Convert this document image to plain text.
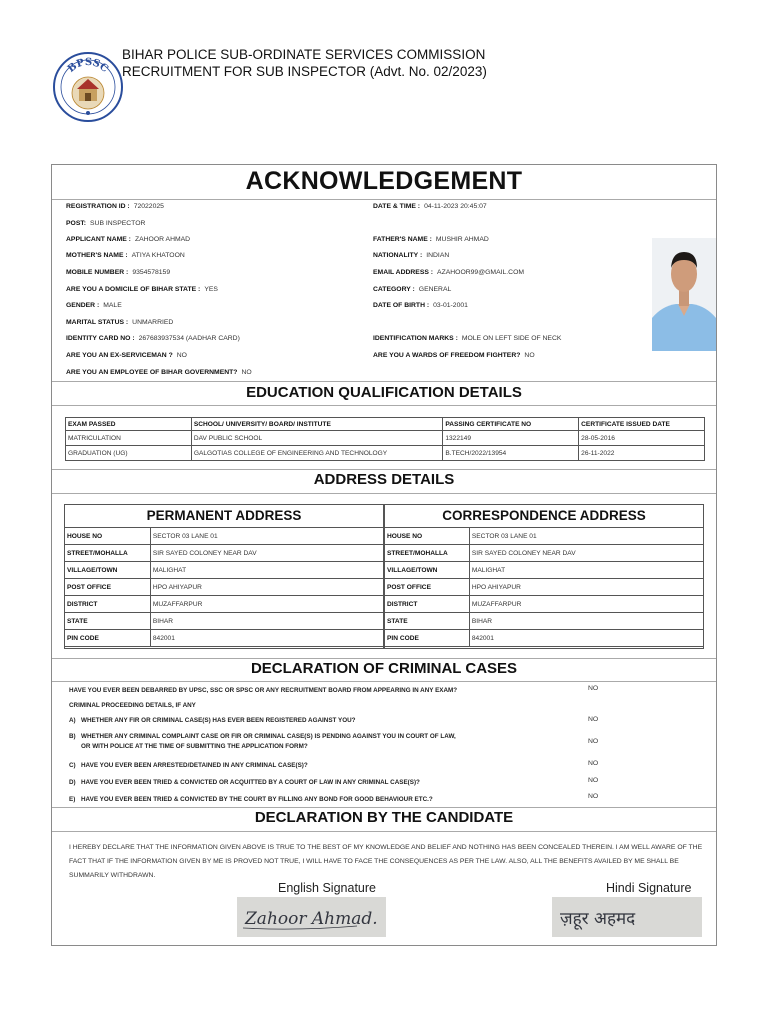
BPSSC
BIHAR POLICE SUB-ORDINATE SERVICES COMMISSION
RECRUITMENT FOR SUB INSPECTOR (Advt. No. 02/2023)
ACKNOWLEDGEMENT
REGISTRATION ID : 72022025	DATE & TIME : 04-11-2023 20:45:07
POST: SUB INSPECTOR
APPLICANT NAME : ZAHOOR AHMAD	FATHER'S NAME : MUSHIR AHMAD
MOTHER'S NAME : ATIYA KHATOON	NATIONALITY : INDIAN
MOBILE NUMBER : 9354578159	EMAIL ADDRESS : AZAHOOR99@GMAIL.COM
ARE YOU A DOMICILE OF BIHAR STATE : YES	CATEGORY : GENERAL
GENDER : MALE	DATE OF BIRTH : 03-01-2001
MARITAL STATUS : UNMARRIED
IDENTITY CARD NO : 267683937534 (AADHAR CARD)	IDENTIFICATION MARKS : MOLE ON LEFT SIDE OF NECK
ARE YOU AN EX-SERVICEMAN ? NO	ARE YOU A WARDS OF FREEDOM FIGHTER? NO
ARE YOU AN EMPLOYEE OF BIHAR GOVERNMENT? NO
EDUCATION QUALIFICATION DETAILS
EXAM PASSED	SCHOOL/ UNIVERSITY/ BOARD/ INSTITUTE	PASSING CERTIFICATE NO	CERTIFICATE ISSUED DATE
MATRICULATION	DAV PUBLIC SCHOOL	1322149	28-05-2016
GRADUATION (UG)	GALGOTIAS COLLEGE OF ENGINEERING AND TECHNOLOGY	B.TECH/2022/13954	26-11-2022
ADDRESS DETAILS
PERMANENT ADDRESS
HOUSE NO	SECTOR 03 LANE 01
STREET/MOHALLA	SIR SAYED COLONEY NEAR DAV
VILLAGE/TOWN	MALIGHAT
POST OFFICE	HPO AHIYAPUR
DISTRICT	MUZAFFARPUR
STATE	BIHAR
PIN CODE	842001
CORRESPONDENCE ADDRESS
HOUSE NO	SECTOR 03 LANE 01
STREET/MOHALLA	SIR SAYED COLONEY NEAR DAV
VILLAGE/TOWN	MALIGHAT
POST OFFICE	HPO AHIYAPUR
DISTRICT	MUZAFFARPUR
STATE	BIHAR
PIN CODE	842001
DECLARATION OF CRIMINAL CASES
HAVE YOU EVER BEEN DEBARRED BY UPSC, SSC OR SPSC OR ANY RECRUITMENT BOARD FROM APPEARING IN ANY EXAM?	NO
CRIMINAL PROCEEDING DETAILS, IF ANY
A) WHETHER ANY FIR OR CRIMINAL CASE(S) HAS EVER BEEN REGISTERED AGAINST YOU?	NO
B) WHETHER ANY CRIMINAL COMPLAINT CASE OR FIR OR CRIMINAL CASE(S) IS PENDING AGAINST YOU IN COURT OF LAW,
OR WITH POLICE AT THE TIME OF SUBMITTING THE APPLICATION FORM?
NO
C) HAVE YOU EVER BEEN ARRESTED/DETAINED IN ANY CRIMINAL CASE(S)?	NO
D) HAVE YOU EVER BEEN TRIED & CONVICTED OR ACQUITTED BY A COURT OF LAW IN ANY CRIMINAL CASE(S)?	NO
E) HAVE YOU EVER BEEN TRIED & CONVICTED BY THE COURT BY FILLING ANY BOND FOR GOOD BEHAVIOUR ETC.?	NO
DECLARATION BY THE CANDIDATE
I HEREBY DECLARE THAT THE INFORMATION GIVEN ABOVE IS TRUE TO THE BEST OF MY KNOWLEDGE AND BELIEF AND NOTHING HAS BEEN CONCEALED THEREIN. I AM WELL AWARE OF THE FACT THAT IF THE INFORMATION GIVEN BY ME IS PROVED NOT TRUE, I WILL HAVE TO FACE THE CONSEQUENCES AS PER THE LAW. ALSO, ALL THE BENEFITS AVAILED BY ME SHALL BE SUMMARILY WITHDRAWN.
English Signature	Hindi Signature
Zahoor Ahmad.	ज़हूर अहमद
